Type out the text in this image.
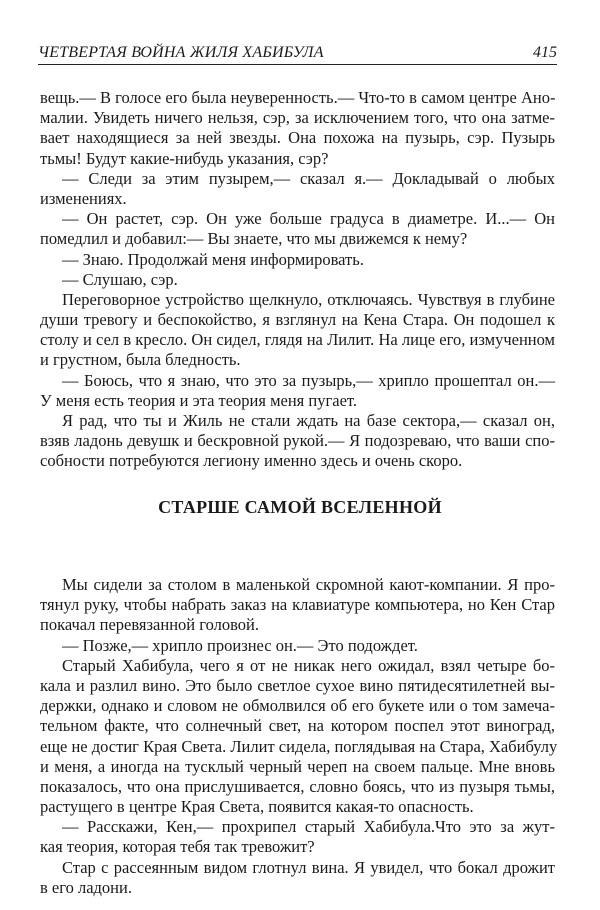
ЧЕТВЕРТАЯ ВОЙНА ЖИЛЯ ХАБИБУЛА	415
вещь.— В голосе его была неуверенность.— Что-то в самом центре Ано-
малии. Увидеть ничего нельзя, сэр, за исключением того, что она затме-
вает находящиеся за ней звезды. Она похожа на пузырь, сэр. Пузырь
тьмы! Будут какие-нибудь указания, сэр?
— Следи за этим пузырем,— сказал я.— Докладывай о любых
изменениях.
— Он растет, сэр. Он уже больше градуса в диаметре. И...— Он
помедлил и добавил:— Вы знаете, что мы движемся к нему?
— Знаю. Продолжай меня информировать.
— Слушаю, сэр.
Переговорное устройство щелкнуло, отключаясь. Чувствуя в глубине
души тревогу и беспокойство, я взглянул на Кена Стара. Он подошел к
столу и сел в кресло. Он сидел, глядя на Лилит. На лице его, измученном
и грустном, была бледность.
— Боюсь, что я знаю, что это за пузырь,— хрипло прошептал он.—
У меня есть теория и эта теория меня пугает.
Я рад, что ты и Жиль не стали ждать на базе сектора,— сказал он,
взяв ладонь девушк и бескровной рукой.— Я подозреваю, что ваши спо-
собности потребуются легиону именно здесь и очень скоро.
СТАРШЕ САМОЙ ВСЕЛЕННОЙ
Мы сидели за столом в маленькой скромной кают-компании. Я про-
тянул руку, чтобы набрать заказ на клавиатуре компьютера, но Кен Стар
покачал перевязанной головой.
— Позже,— хрипло произнес он.— Это подождет.
Старый Хабибула, чего я от не никак него ожидал, взял четыре бо-
кала и разлил вино. Это было светлое сухое вино пятидесятилетней вы-
держки, однако и словом не обмолвился об его букете или о том замеча-
тельном факте, что солнечный свет, на котором поспел этот виноград,
еще не достиг Края Света. Лилит сидела, поглядывая на Стара, Хабибулу
и меня, а иногда на тусклый черный череп на своем пальце. Мне вновь
показалось, что она прислушивается, словно боясь, что из пузыря тьмы,
растущего в центре Края Света, появится какая-то опасность.
— Расскажи, Кен,— прохрипел старый Хабибула.Что это за жут-
кая теория, которая тебя так тревожит?
Стар с рассеянным видом глотнул вина. Я увидел, что бокал дрожит
в его ладони.
